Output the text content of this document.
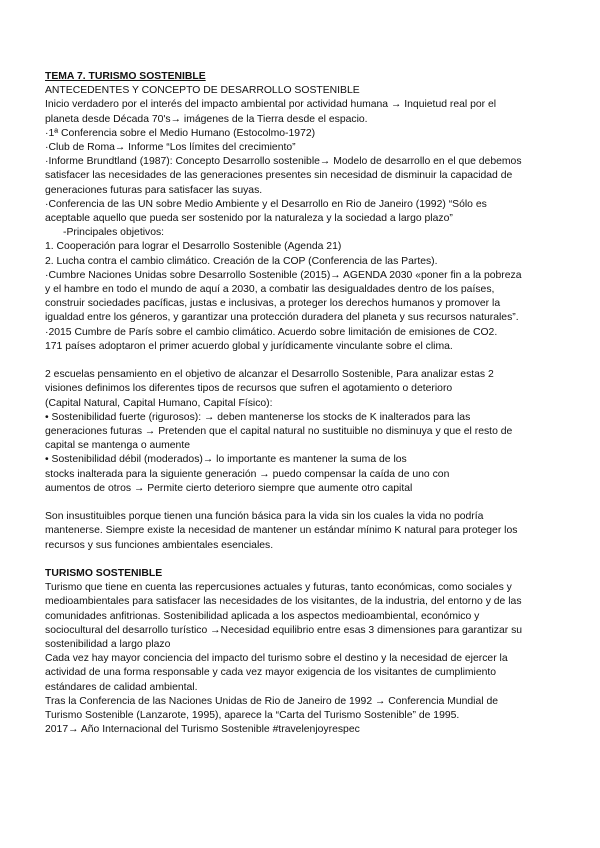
TEMA 7. TURISMO SOSTENIBLE
ANTECEDENTES Y CONCEPTO DE DESARROLLO SOSTENIBLE
Inicio verdadero por el interés del impacto ambiental por actividad humana → Inquietud real por el
planeta desde Década 70's→ imágenes de la Tierra desde el espacio.
·1ª Conferencia sobre el Medio Humano (Estocolmo-1972)
·Club de Roma→ Informe “Los límites del crecimiento”
·Informe Brundtland (1987): Concepto Desarrollo sostenible→ Modelo de desarrollo en el que debemos
satisfacer las necesidades de las generaciones presentes sin necesidad de disminuir la capacidad de
generaciones futuras para satisfacer las suyas.
·Conferencia de las UN sobre Medio Ambiente y el Desarrollo en Rio de Janeiro (1992) “Sólo es
aceptable aquello que pueda ser sostenido por la naturaleza y la sociedad a largo plazo”
-Principales objetivos:
1. Cooperación para lograr el Desarrollo Sostenible (Agenda 21)
2. Lucha contra el cambio climático. Creación de la COP (Conferencia de las Partes).
·Cumbre Naciones Unidas sobre Desarrollo Sostenible (2015)→ AGENDA 2030 «poner fin a la pobreza
y el hambre en todo el mundo de aquí a 2030, a combatir las desigualdades dentro de los países,
construir sociedades pacíficas, justas e inclusivas, a proteger los derechos humanos y promover la
igualdad entre los géneros, y garantizar una protección duradera del planeta y sus recursos naturales”.
·2015 Cumbre de París sobre el cambio climático. Acuerdo sobre limitación de emisiones de CO2.
171 países adoptaron el primer acuerdo global y jurídicamente vinculante sobre el clima.
2 escuelas pensamiento en el objetivo de alcanzar el Desarrollo Sostenible, Para analizar estas 2
visiones definimos los diferentes tipos de recursos que sufren el agotamiento o deterioro
(Capital Natural, Capital Humano, Capital Físico):
• Sostenibilidad fuerte (rigurosos): → deben mantenerse los stocks de K inalterados para las
generaciones futuras → Pretenden que el capital natural no sustituible no disminuya y que el resto de
capital se mantenga o aumente
• Sostenibilidad débil (moderados)→ lo importante es mantener la suma de los
stocks inalterada para la siguiente generación → puedo compensar la caída de uno con
aumentos de otros → Permite cierto deterioro siempre que aumente otro capital
Son insustituibles porque tienen una función básica para la vida sin los cuales la vida no podría
mantenerse. Siempre existe la necesidad de mantener un estándar mínimo K natural para proteger los
recursos y sus funciones ambientales esenciales.
TURISMO SOSTENIBLE
Turismo que tiene en cuenta las repercusiones actuales y futuras, tanto económicas, como sociales y
medioambientales para satisfacer las necesidades de los visitantes, de la industria, del entorno y de las
comunidades anfitrionas. Sostenibilidad aplicada a los aspectos medioambiental, económico y
sociocultural del desarrollo turístico →Necesidad equilibrio entre esas 3 dimensiones para garantizar su
sostenibilidad a largo plazo
Cada vez hay mayor conciencia del impacto del turismo sobre el destino y la necesidad de ejercer la
actividad de una forma responsable y cada vez mayor exigencia de los visitantes de cumplimiento
estándares de calidad ambiental.
Tras la Conferencia de las Naciones Unidas de Rio de Janeiro de 1992 → Conferencia Mundial de
Turismo Sostenible (Lanzarote, 1995), aparece la “Carta del Turismo Sostenible” de 1995.
2017→ Año Internacional del Turismo Sostenible #travelenjoyrespec
